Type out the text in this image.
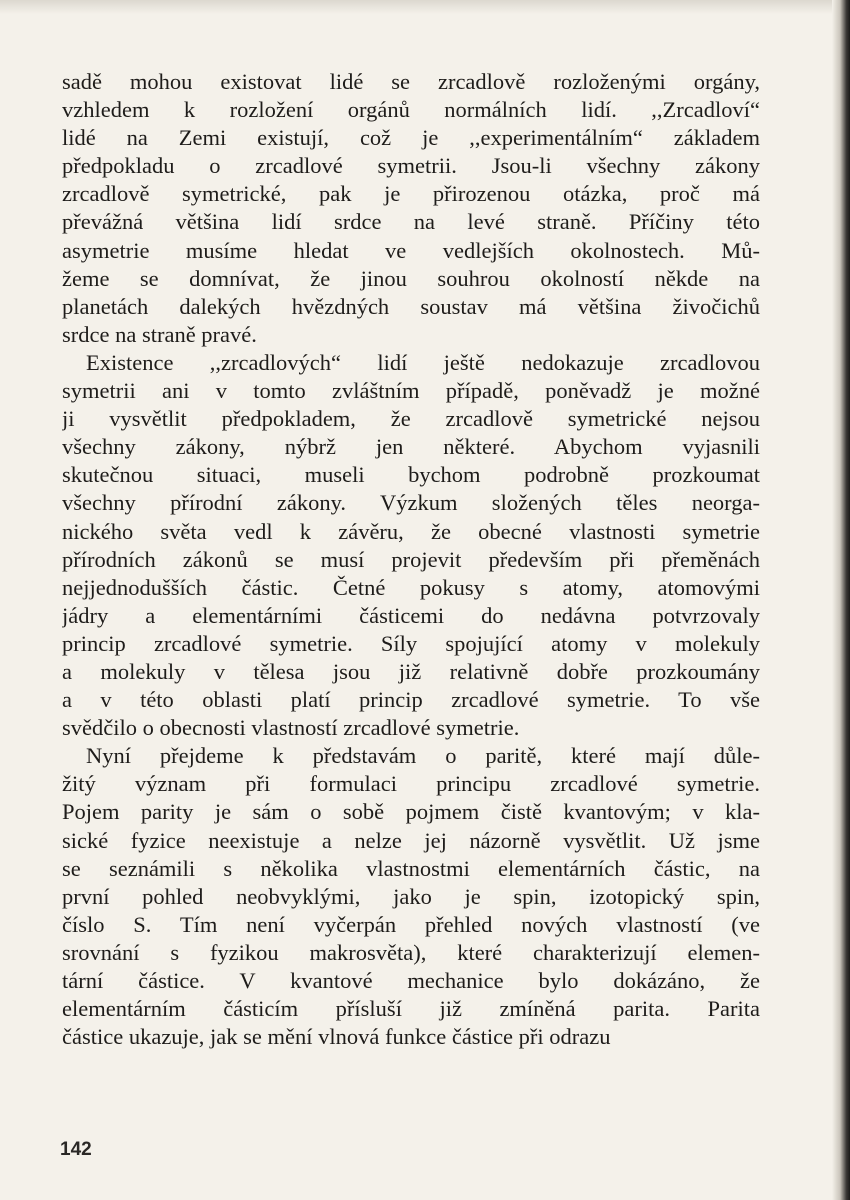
sadě mohou existovat lidé se zrcadlově rozloženými orgány,
vzhledem k rozložení orgánů normálních lidí. ,,Zrcadloví“
lidé na Zemi existují, což je ,,experimentálním“ základem
předpokladu o zrcadlové symetrii. Jsou-li všechny zákony
zrcadlově symetrické, pak je přirozenou otázka, proč má
převážná většina lidí srdce na levé straně. Příčiny této
asymetrie musíme hledat ve vedlejších okolnostech. Mů-
žeme se domnívat, že jinou souhrou okolností někde na
planetách dalekých hvězdných soustav má většina živočichů
srdce na straně pravé.
Existence ,,zrcadlových“ lidí ještě nedokazuje zrcadlovou
symetrii ani v tomto zvláštním případě, poněvadž je možné
ji vysvětlit předpokladem, že zrcadlově symetrické nejsou
všechny zákony, nýbrž jen některé. Abychom vyjasnili
skutečnou situaci, museli bychom podrobně prozkoumat
všechny přírodní zákony. Výzkum složených těles neorga-
nického světa vedl k závěru, že obecné vlastnosti symetrie
přírodních zákonů se musí projevit především při přeměnách
nejjednodušších částic. Četné pokusy s atomy, atomovými
jádry a elementárními částicemi do nedávna potvrzovaly
princip zrcadlové symetrie. Síly spojující atomy v molekuly
a molekuly v tělesa jsou již relativně dobře prozkoumány
a v této oblasti platí princip zrcadlové symetrie. To vše
svědčilo o obecnosti vlastností zrcadlové symetrie.
Nyní přejdeme k představám o paritě, které mají důle-
žitý význam při formulaci principu zrcadlové symetrie.
Pojem parity je sám o sobě pojmem čistě kvantovým; v kla-
sické fyzice neexistuje a nelze jej názorně vysvětlit. Už jsme
se seznámili s několika vlastnostmi elementárních částic, na
první pohled neobvyklými, jako je spin, izotopický spin,
číslo S. Tím není vyčerpán přehled nových vlastností (ve
srovnání s fyzikou makrosvěta), které charakterizují elemen-
tární částice. V kvantové mechanice bylo dokázáno, že
elementárním částicím přísluší již zmíněná parita. Parita
částice ukazuje, jak se mění vlnová funkce částice při odrazu
142
